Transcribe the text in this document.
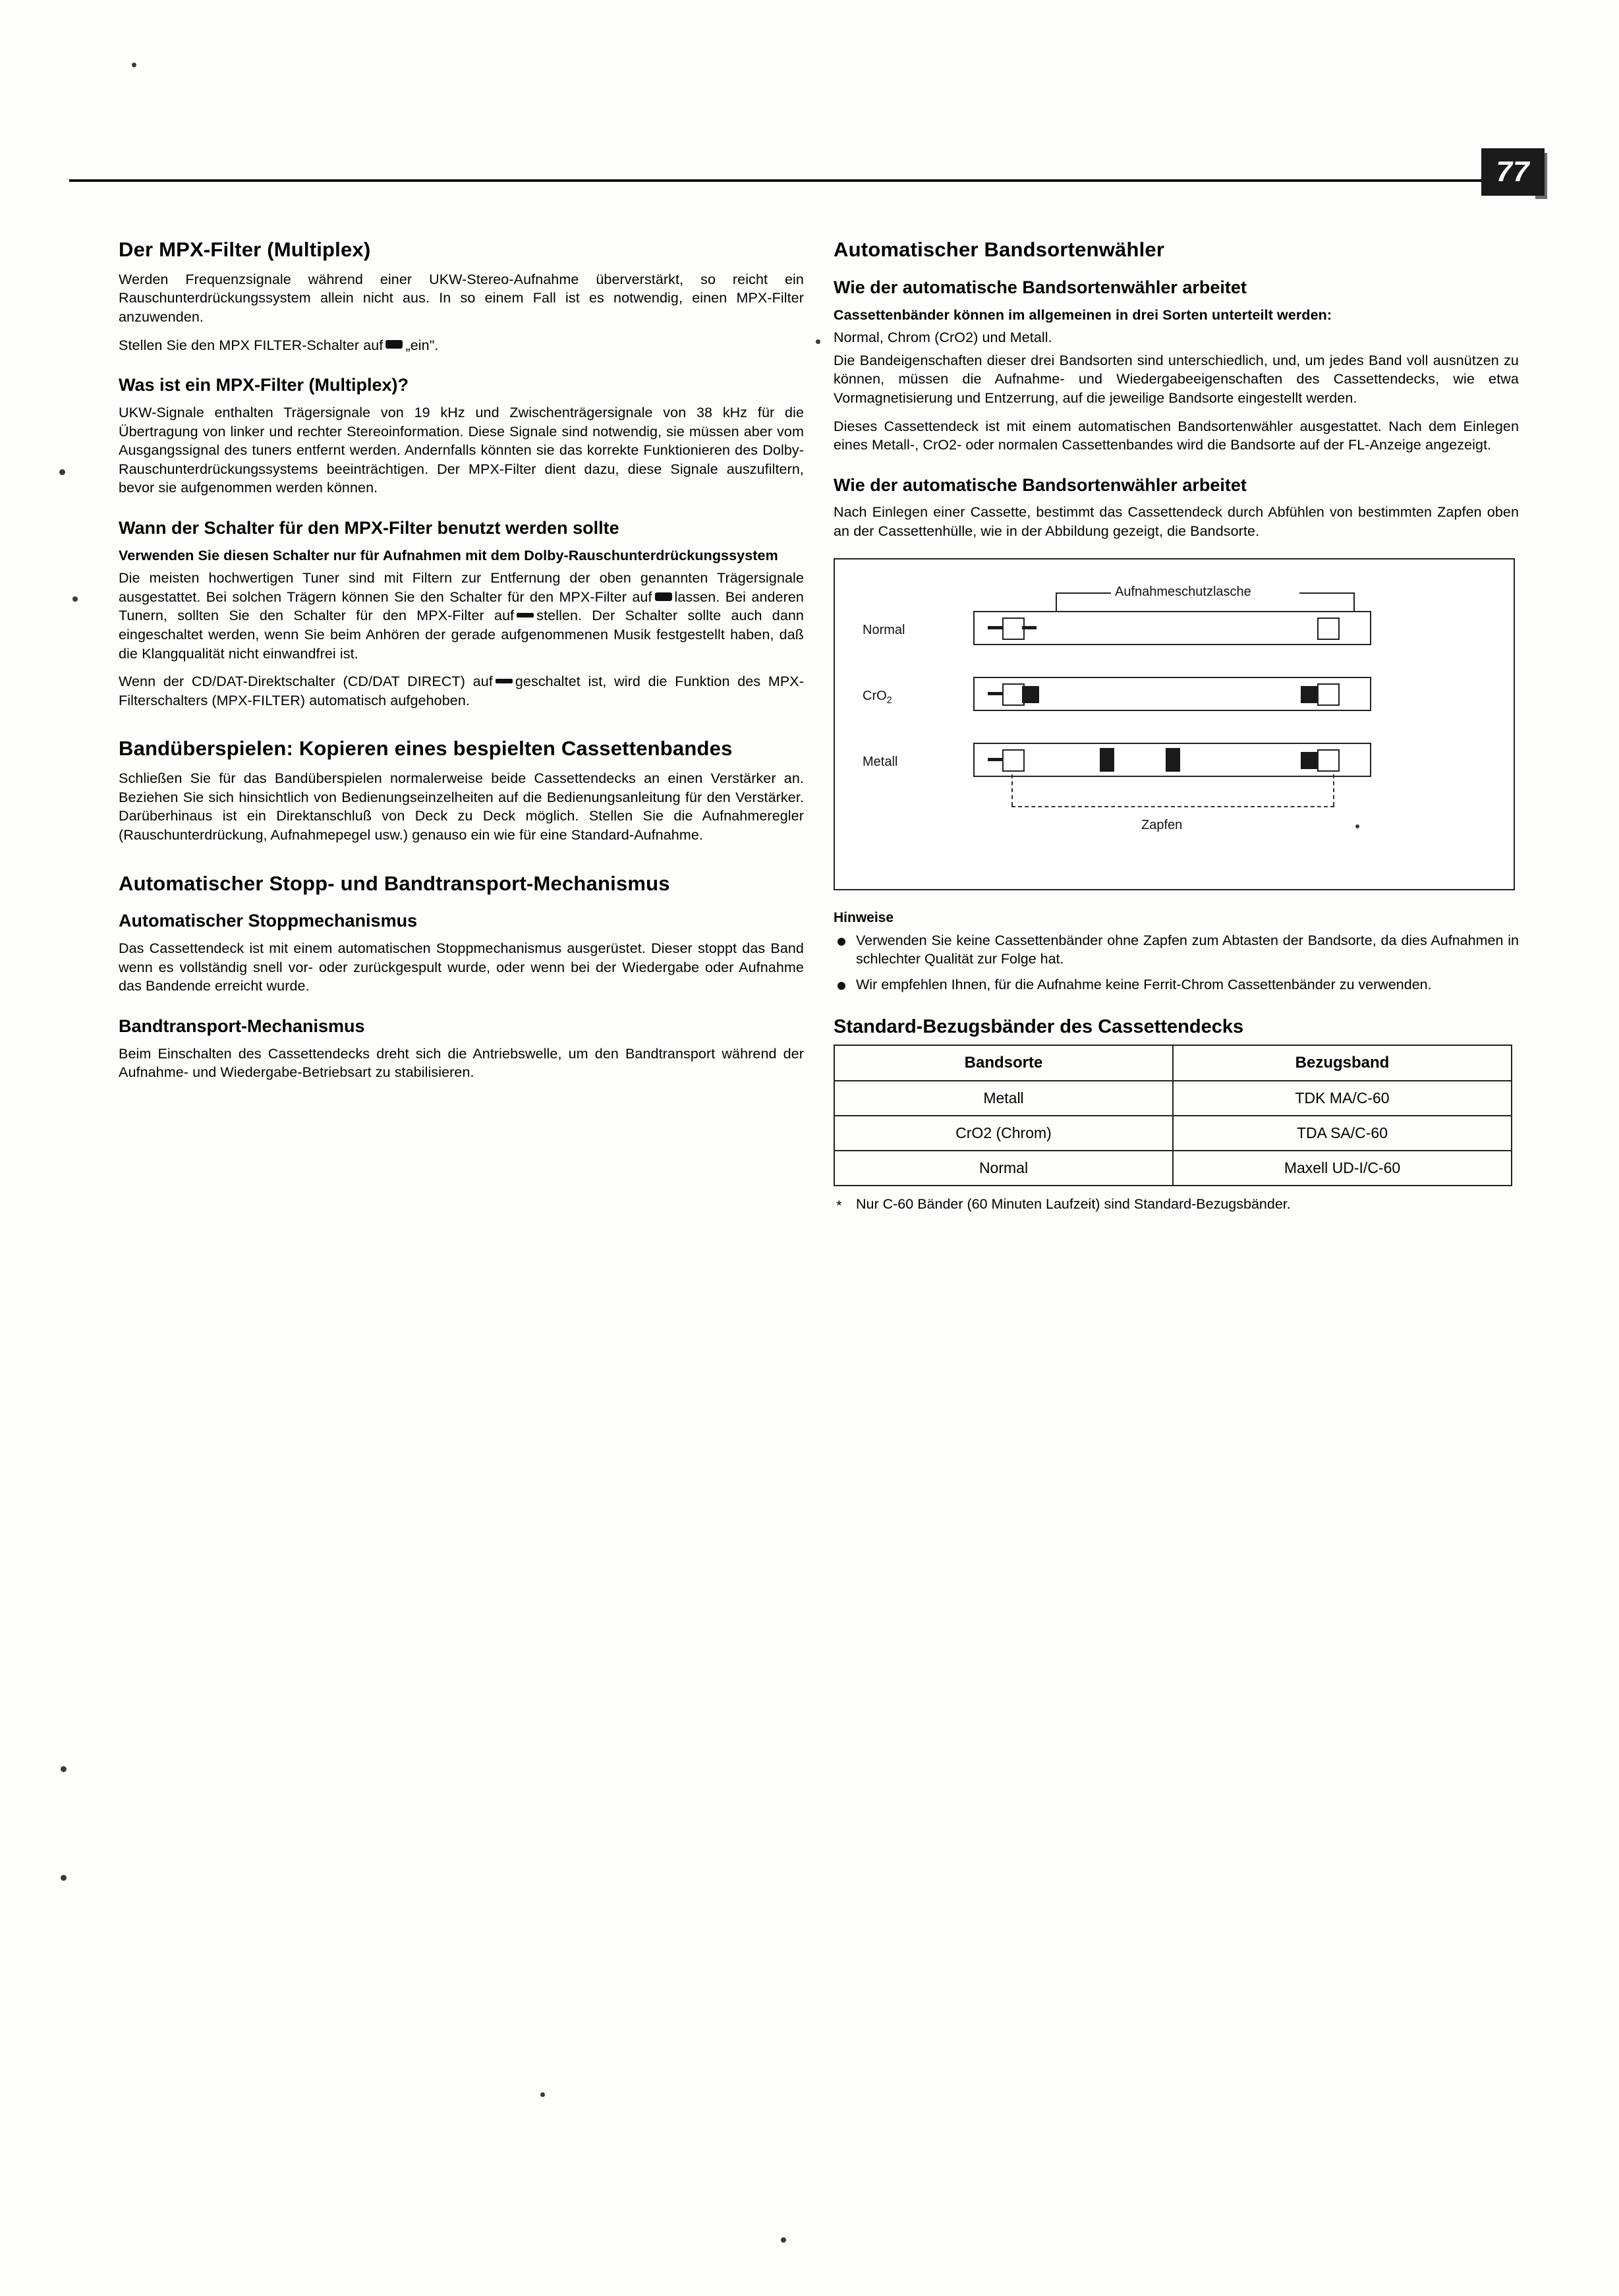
77
Der MPX-Filter (Multiplex)

Werden Frequenzsignale während einer UKW-Stereo-Aufnahme überverstärkt, so reicht ein Rauschunterdrückungssystem allein nicht aus. In so einem Fall ist es notwendig, einen MPX-Filter anzuwenden.

Stellen Sie den MPX FILTER-Schalter auf „ein".

Was ist ein MPX-Filter (Multiplex)?

UKW-Signale enthalten Trägersignale von 19 kHz und Zwischenträgersignale von 38 kHz für die Übertragung von linker und rechter Stereoinformation. Diese Signale sind notwendig, sie müssen aber vom Ausgangssignal des tuners entfernt werden. Andernfalls könnten sie das korrekte Funktionieren des Dolby-Rauschunterdrückungssystems beeinträchtigen. Der MPX-Filter dient dazu, diese Signale auszufiltern, bevor sie aufgenommen werden können.

Wann der Schalter für den MPX-Filter benutzt werden sollte

Verwenden Sie diesen Schalter nur für Aufnahmen mit dem Dolby-Rauschunterdrückungssystem

Die meisten hochwertigen Tuner sind mit Filtern zur Entfernung der oben genannten Trägersignale ausgestattet. Bei solchen Trägern können Sie den Schalter für den MPX-Filter auf lassen. Bei anderen Tunern, sollten Sie den Schalter für den MPX-Filter auf stellen. Der Schalter sollte auch dann eingeschaltet werden, wenn Sie beim Anhören der gerade aufgenommenen Musik festgestellt haben, daß die Klangqualität nicht einwandfrei ist.

Wenn der CD/DAT-Direktschalter (CD/DAT DIRECT) auf geschaltet ist, wird die Funktion des MPX-Filterschalters (MPX-FILTER) automatisch aufgehoben.

Bandüberspielen: Kopieren eines bespielten Cassettenbandes

Schließen Sie für das Bandüberspielen normalerweise beide Cassettendecks an einen Verstärker an. Beziehen Sie sich hinsichtlich von Bedienungseinzelheiten auf die Bedienungsanleitung für den Verstärker. Darüberhinaus ist ein Direktanschluß von Deck zu Deck möglich. Stellen Sie die Aufnahmeregler (Rauschunterdrückung, Aufnahmepegel usw.) genauso ein wie für eine Standard-Aufnahme.

Automatischer Stopp- und Bandtransport-Mechanismus
Automatischer Stoppmechanismus

Das Cassettendeck ist mit einem automatischen Stoppmechanismus ausgerüstet. Dieser stoppt das Band wenn es vollständig snell vor- oder zurückgespult wurde, oder wenn bei der Wiedergabe oder Aufnahme das Bandende erreicht wurde.

Bandtransport-Mechanismus

Beim Einschalten des Cassettendecks dreht sich die Antriebswelle, um den Bandtransport während der Aufnahme- und Wiedergabe-Betriebsart zu stabilisieren.

Automatischer Bandsortenwähler
Wie der automatische Bandsortenwähler arbeitet

Cassettenbänder können im allgemeinen in drei Sorten unterteilt werden:

Normal, Chrom (CrO2) und Metall.

Die Bandeigenschaften dieser drei Bandsorten sind unterschiedlich, und, um jedes Band voll ausnützen zu können, müssen die Aufnahme- und Wiedergabeeigenschaften des Cassettendecks, wie etwa Vormagnetisierung und Entzerrung, auf die jeweilige Bandsorte eingestellt werden.

Dieses Cassettendeck ist mit einem automatischen Bandsortenwähler ausgestattet. Nach dem Einlegen eines Metall-, CrO2- oder normalen Cassettenbandes wird die Bandsorte auf der FL-Anzeige angezeigt.

Wie der automatische Bandsortenwähler arbeitet

Nach Einlegen einer Cassette, bestimmt das Cassettendeck durch Abfühlen von bestimmten Zapfen oben an der Cassettenhülle, wie in der Abbildung gezeigt, die Bandsorte.

Aufnahmeschutzlasche
Normal
CrO$_2$
Metall
Zapfen
Hinweise
Verwenden Sie keine Cassettenbänder ohne Zapfen zum Abtasten der Bandsorte, da dies Aufnahmen in schlechter Qualität zur Folge hat.
Wir empfehlen Ihnen, für die Aufnahme keine Ferrit-Chrom Cassettenbänder zu verwenden.
Standard-Bezugsbänder des Cassettendecks
Bandsorte	Bezugsband
Metall	TDK MA/C-60
CrO2 (Chrom)	TDA SA/C-60
Normal	Maxell UD-I/C-60

* Nur C-60 Bänder (60 Minuten Laufzeit) sind Standard-Bezugsbänder.
